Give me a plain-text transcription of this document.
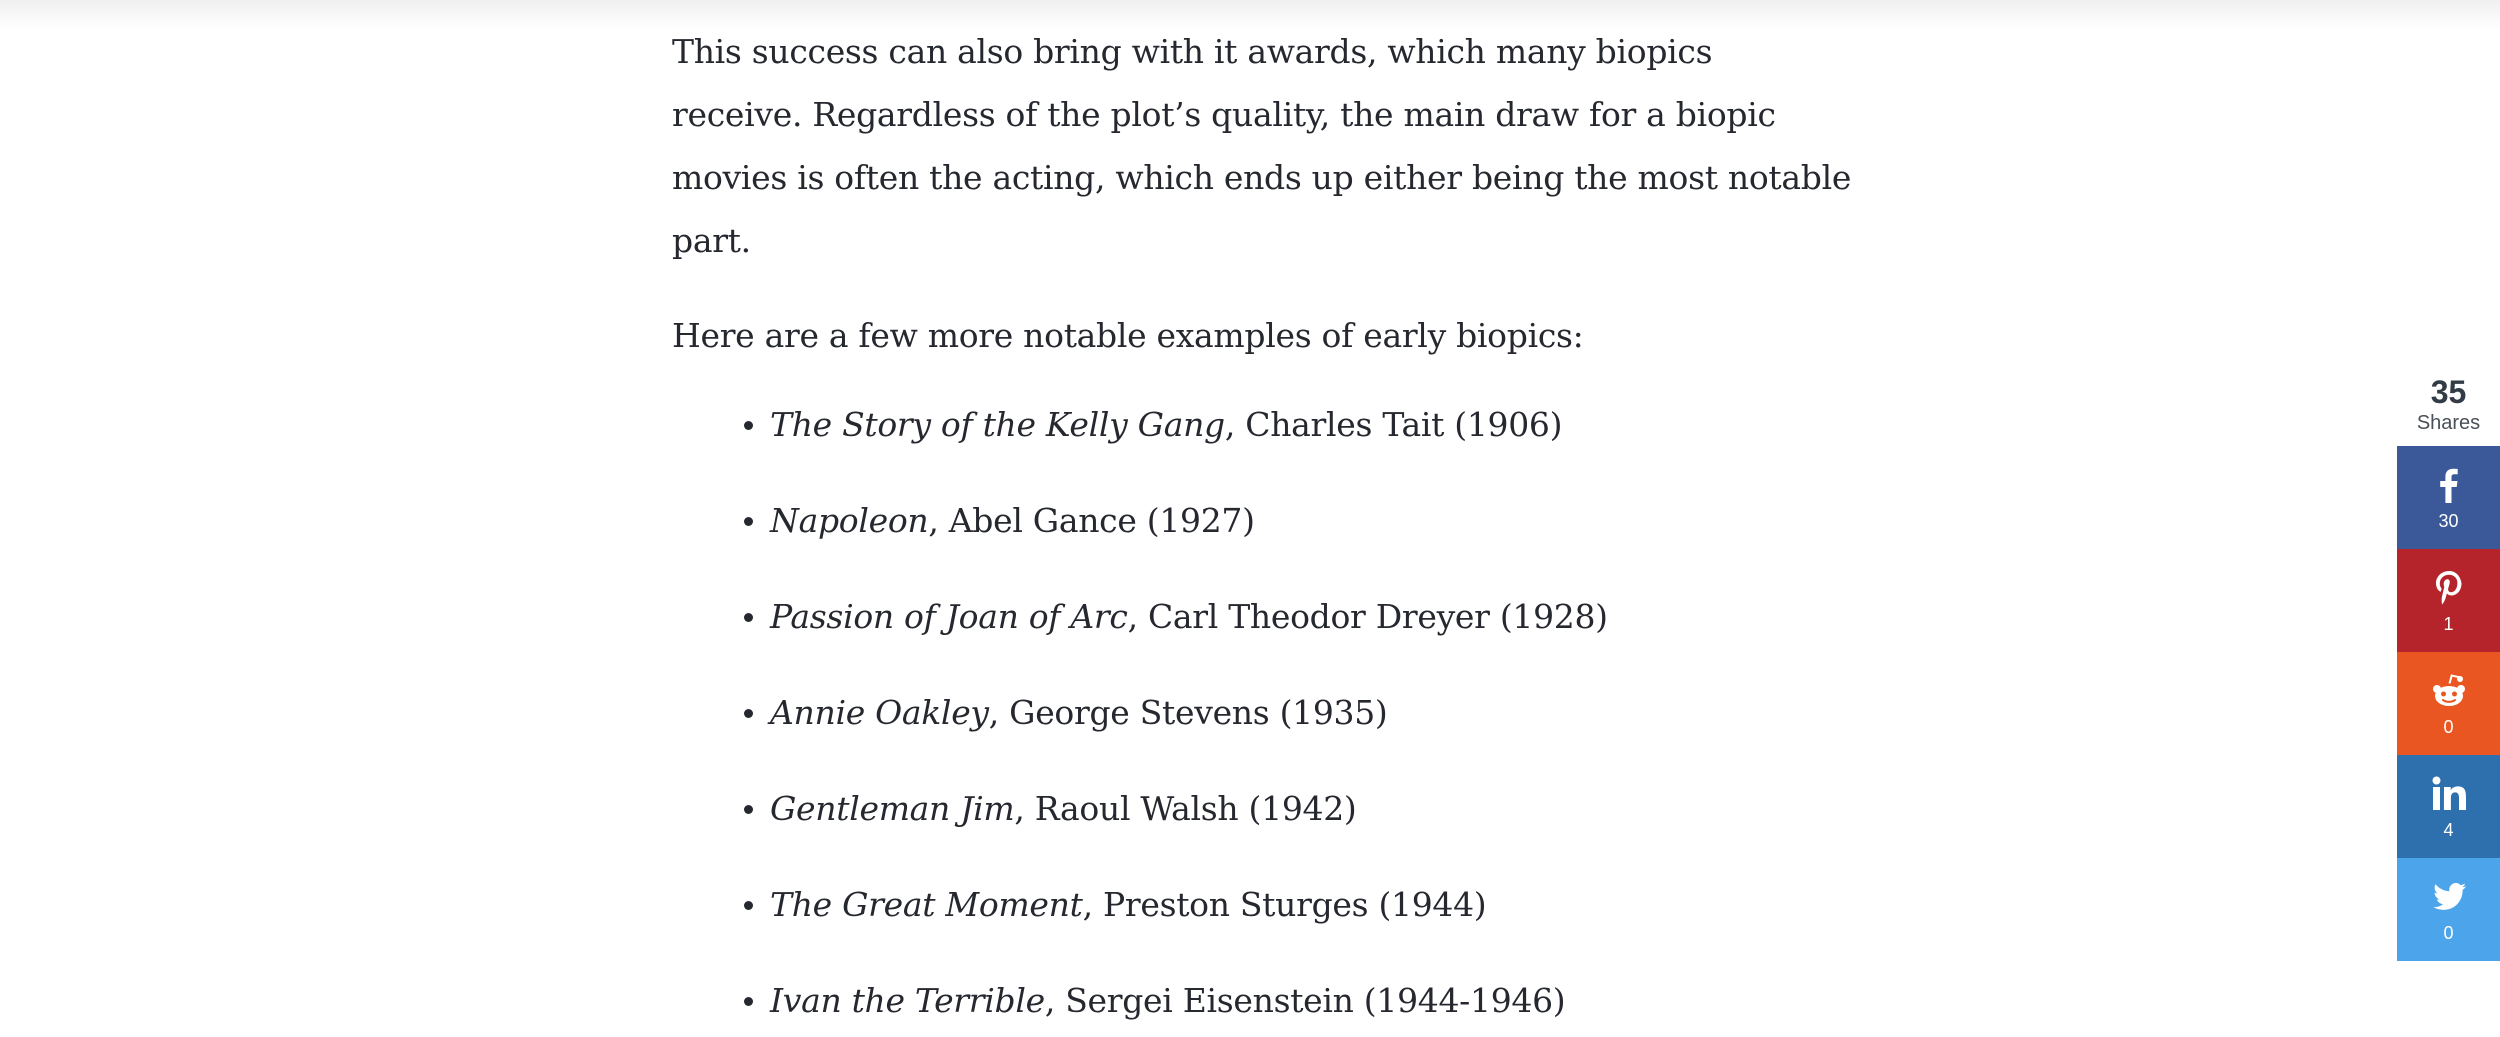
This success can also bring with it awards, which many biopics receive. Regardless of the plot’s quality, the main draw for a biopic movies is often the acting, which ends up either being the most notable part.

Here are a few more notable examples of early biopics:

The Story of the Kelly Gang, Charles Tait (1906)
Napoleon, Abel Gance (1927)
Passion of Joan of Arc, Carl Theodor Dreyer (1928)
Annie Oakley, George Stevens (1935)
Gentleman Jim, Raoul Walsh (1942)
The Great Moment, Preston Sturges (1944)
Ivan the Terrible, Sergei Eisenstein (1944-1946)
35
Shares
30
1
0
4
0
